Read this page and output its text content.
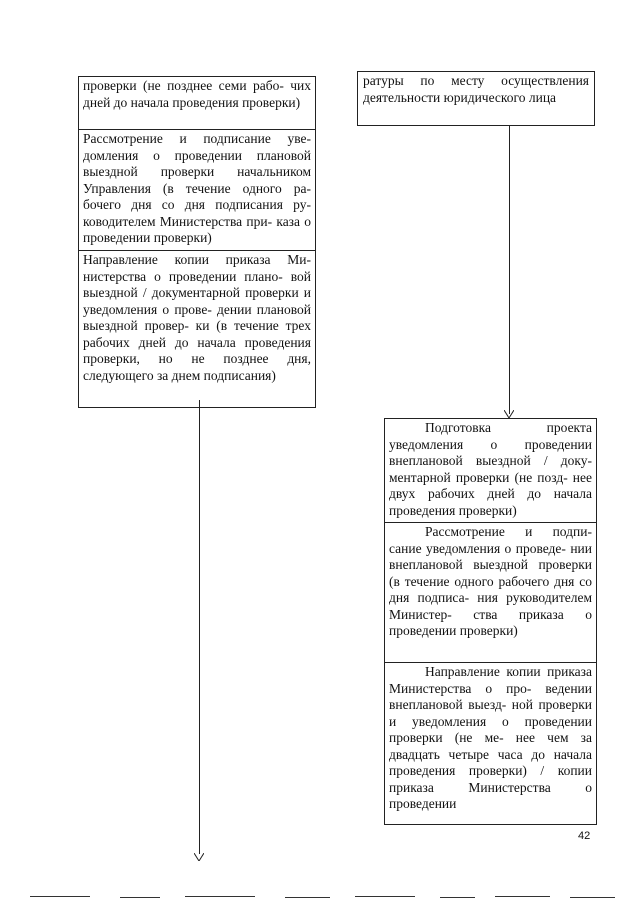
проверки (не позднее семи рабо- чих дней до начала проведения проверки)
Рассмотрение и подписание уве- домления о проведении плановой выездной проверки начальником Управления (в течение одного ра- бочего дня со дня подписания ру- ководителем Министерства при- каза о проведении проверки)
Направление копии приказа Ми- нистерства о проведении плано- вой выездной / документарной проверки и уведомления о прове- дении плановой выездной провер- ки (в течение трех рабочих дней до начала проведения проверки, но не позднее дня, следующего за днем подписания)
ратуры по месту осуществления деятельности юридического лица
Подготовка проекта уведомления о проведении внеплановой выездной / доку- ментарной проверки (не позд- нее двух рабочих дней до начала проведения проверки)
Рассмотрение и подпи- сание уведомления о проведе- нии внеплановой выездной проверки (в течение одного рабочего дня со дня подписа- ния руководителем Министер- ства приказа о проведении проверки)
Направление копии приказа Министерства о про- ведении внеплановой выезд- ной проверки и уведомления о проведении проверки (не ме- нее чем за двадцать четыре часа до начала проведения проверки) / копии приказа Министерства о проведении
42
